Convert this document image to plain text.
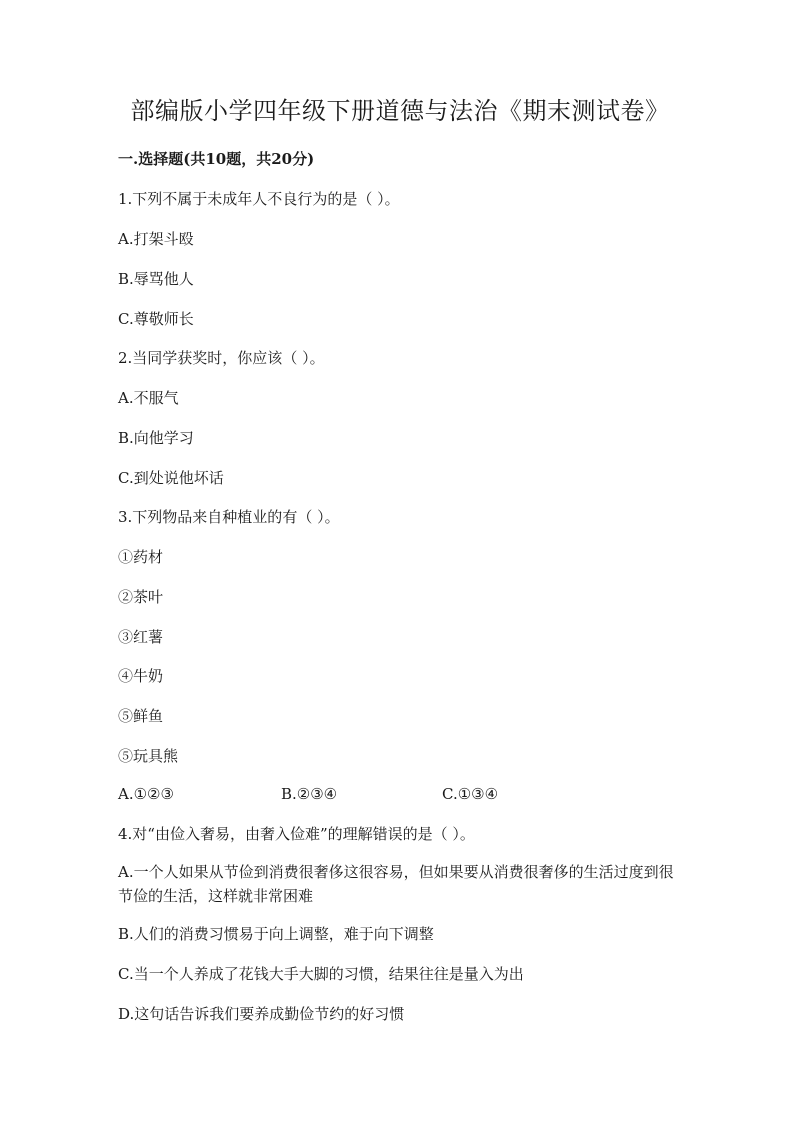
部编版小学四年级下册道德与法治《期末测试卷》
一.选择题(共10题，共20分)
1.下列不属于未成年人不良行为的是（ ）。
A.打架斗殴
B.辱骂他人
C.尊敬师长
2.当同学获奖时，你应该（ ）。
A.不服气
B.向他学习
C.到处说他坏话
3.下列物品来自种植业的有（ ）。
①药材
②茶叶
③红薯
④牛奶
⑤鲜鱼
⑤玩具熊
A.①②③	B.②③④	C.①③④
4.对“由俭入奢易，由奢入俭难”的理解错误的是（ ）。
A.一个人如果从节俭到消费很奢侈这很容易，但如果要从消费很奢侈的生活过度到很节俭的生活，这样就非常困难
B.人们的消费习惯易于向上调整，难于向下调整
C.当一个人养成了花钱大手大脚的习惯，结果往往是量入为出
D.这句话告诉我们要养成勤俭节约的好习惯
